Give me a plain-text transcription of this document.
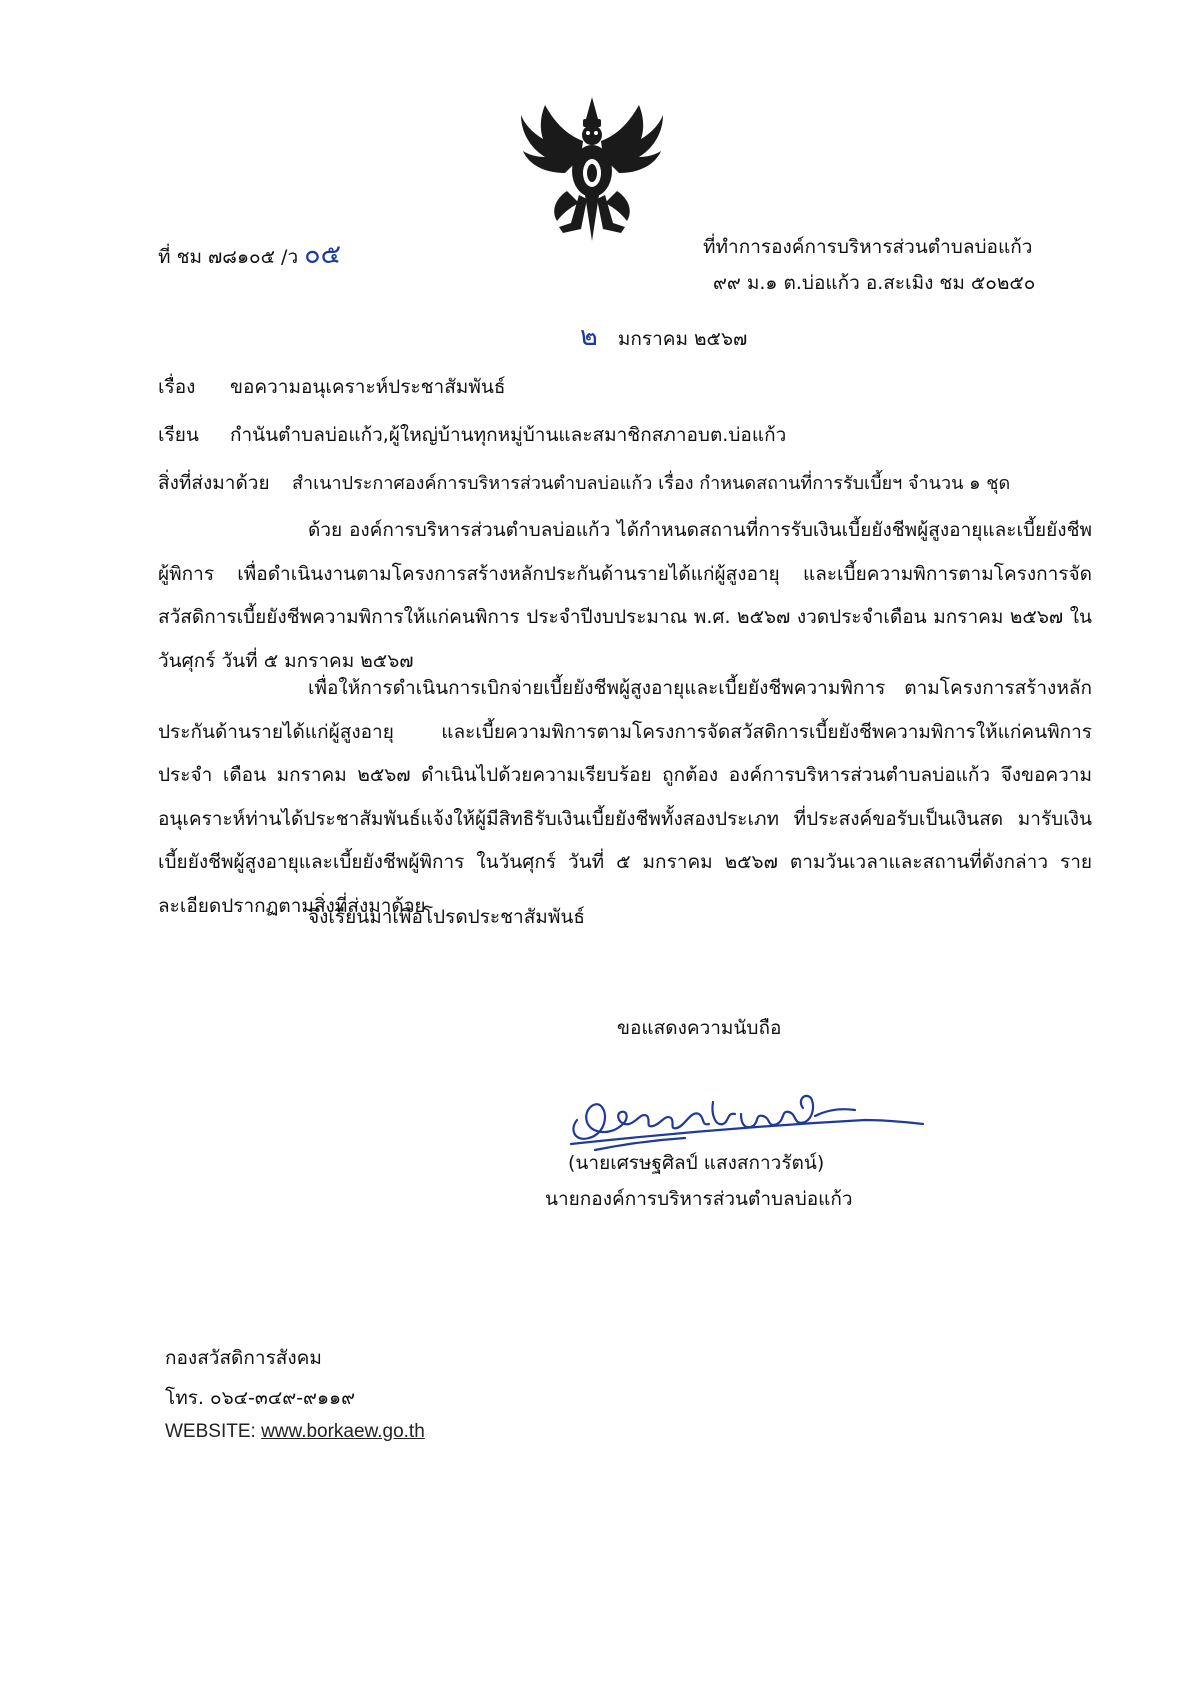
ที่ ชม ๗๘๑๐๕ /ว ๐๕	ที่ทำการองค์การบริหารส่วนตำบลบ่อแก้ว
๙๙ ม.๑ ต.บ่อแก้ว อ.สะเมิง ชม ๕๐๒๕๐
๒ มกราคม ๒๕๖๗
เรื่อง ขอความอนุเคราะห์ประชาสัมพันธ์
เรียน กำนันตำบลบ่อแก้ว,ผู้ใหญ่บ้านทุกหมู่บ้านและสมาชิกสภาอบต.บ่อแก้ว
สิ่งที่ส่งมาด้วย สำเนาประกาศองค์การบริหารส่วนตำบลบ่อแก้ว เรื่อง กำหนดสถานที่การรับเบี้ยฯ จำนวน ๑ ชุด
ด้วย องค์การบริหารส่วนตำบลบ่อแก้ว ได้กำหนดสถานที่การรับเงินเบี้ยยังชีพผู้สูงอายุและเบี้ยยังชีพผู้พิการ เพื่อดำเนินงานตามโครงการสร้างหลักประกันด้านรายได้แก่ผู้สูงอายุ และเบี้ยความพิการตามโครงการจัดสวัสดิการเบี้ยยังชีพความพิการให้แก่คนพิการ ประจำปีงบประมาณ พ.ศ. ๒๕๖๗ งวดประจำเดือน มกราคม ๒๕๖๗ ในวันศุกร์ วันที่ ๕ มกราคม ๒๕๖๗
เพื่อให้การดำเนินการเบิกจ่ายเบี้ยยังชีพผู้สูงอายุและเบี้ยยังชีพความพิการ ตามโครงการสร้างหลักประกันด้านรายได้แก่ผู้สูงอายุ และเบี้ยความพิการตามโครงการจัดสวัสดิการเบี้ยยังชีพความพิการให้แก่คนพิการ ประจำ เดือน มกราคม ๒๕๖๗ ดำเนินไปด้วยความเรียบร้อย ถูกต้อง องค์การบริหารส่วนตำบลบ่อแก้ว จึงขอความอนุเคราะห์ท่านได้ประชาสัมพันธ์แจ้งให้ผู้มีสิทธิรับเงินเบี้ยยังชีพทั้งสองประเภท ที่ประสงค์ขอรับเป็นเงินสด มารับเงินเบี้ยยังชีพผู้สูงอายุและเบี้ยยังชีพผู้พิการ ในวันศุกร์ วันที่ ๕ มกราคม ๒๕๖๗ ตามวันเวลาและสถานที่ดังกล่าว รายละเอียดปรากฏตามสิ่งที่ส่งมาด้วย
จึงเรียนมาเพื่อโปรดประชาสัมพันธ์
ขอแสดงความนับถือ
(นายเศรษฐศิลป์ แสงสกาวรัตน์)
นายกองค์การบริหารส่วนตำบลบ่อแก้ว
กองสวัสดิการสังคม
โทร. ๐๖๔-๓๔๙-๙๑๑๙
WEBSITE: www.borkaew.go.th
